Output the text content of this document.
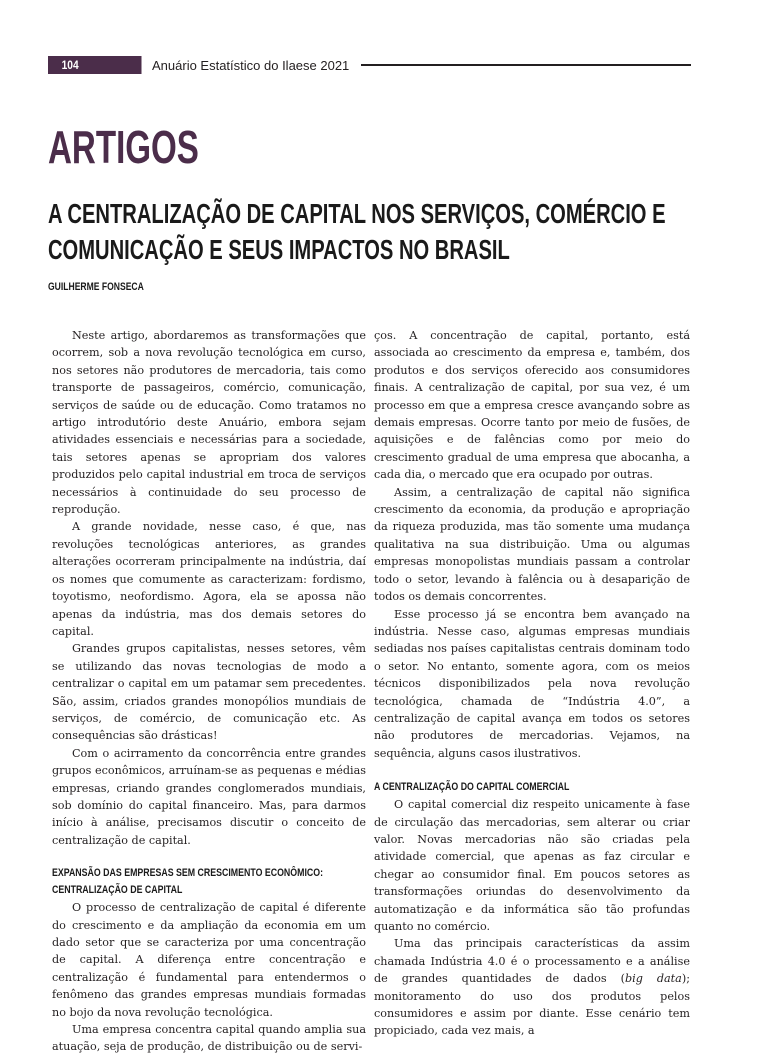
104	Anuário Estatístico do Ilaese 2021
ARTIGOS
A CENTRALIZAÇÃO DE CAPITAL NOS SERVIÇOS, COMÉRCIO E COMUNICAÇÃO E SEUS IMPACTOS NO BRASIL
GUILHERME FONSECA

Neste artigo, abordaremos as transformações que ocorrem, sob a nova revolução tecnológica em curso, nos setores não produtores de mercadoria, tais como transporte de passageiros, comércio, comunicação, serviços de saúde ou de educação. Como tratamos no artigo introdutório deste Anuário, embora sejam atividades essenciais e necessárias para a sociedade, tais setores apenas se apropriam dos valores produzidos pelo capital industrial em troca de serviços necessários à continuidade do seu processo de reprodução.

A grande novidade, nesse caso, é que, nas revoluções tecnológicas anteriores, as grandes alterações ocorreram principalmente na indústria, daí os nomes que comumente as caracterizam: fordismo, toyotismo, neofordismo. Agora, ela se apossa não apenas da indústria, mas dos demais setores do capital.

Grandes grupos capitalistas, nesses setores, vêm se utilizando das novas tecnologias de modo a centralizar o capital em um patamar sem precedentes. São, assim, criados grandes monopólios mundiais de serviços, de comércio, de comunicação etc. As consequências são drásticas!

Com o acirramento da concorrência entre grandes grupos econômicos, arruínam-se as pequenas e médias empresas, criando grandes conglomerados mundiais, sob domínio do capital financeiro. Mas, para darmos início à análise, precisamos discutir o conceito de centralização de capital.

EXPANSÃO DAS EMPRESAS SEM CRESCIMENTO ECONÔMICO:
CENTRALIZAÇÃO DE CAPITAL

O processo de centralização de capital é diferente do crescimento e da ampliação da economia em um dado setor que se caracteriza por uma concentração de capital. A diferença entre concentração e centralização é fundamental para entendermos o fenômeno das grandes empresas mundiais formadas no bojo da nova revolução tecnológica.

Uma empresa concentra capital quando amplia sua atuação, seja de produção, de distribuição ou de servi-

ços. A concentração de capital, portanto, está associada ao crescimento da empresa e, também, dos produtos e dos serviços oferecido aos consumidores finais. A centralização de capital, por sua vez, é um processo em que a empresa cresce avançando sobre as demais empresas. Ocorre tanto por meio de fusões, de aquisições e de falências como por meio do crescimento gradual de uma empresa que abocanha, a cada dia, o mercado que era ocupado por outras.

Assim, a centralização de capital não significa crescimento da economia, da produção e apropriação da riqueza produzida, mas tão somente uma mudança qualitativa na sua distribuição. Uma ou algumas empresas monopolistas mundiais passam a controlar todo o setor, levando à falência ou à desaparição de todos os demais concorrentes.

Esse processo já se encontra bem avançado na indústria. Nesse caso, algumas empresas mundiais sediadas nos países capitalistas centrais dominam todo o setor. No entanto, somente agora, com os meios técnicos disponibilizados pela nova revolução tecnológica, chamada de “Indústria 4.0”, a centralização de capital avança em todos os setores não produtores de mercadorias. Vejamos, na sequência, alguns casos ilustrativos.

A CENTRALIZAÇÃO DO CAPITAL COMERCIAL

O capital comercial diz respeito unicamente à fase de circulação das mercadorias, sem alterar ou criar valor. Novas mercadorias não são criadas pela atividade comercial, que apenas as faz circular e chegar ao consumidor final. Em poucos setores as transformações oriundas do desenvolvimento da automatização e da informática são tão profundas quanto no comércio.

Uma das principais características da assim chamada Indústria 4.0 é o processamento e a análise de grandes quantidades de dados (big data); monitoramento do uso dos produtos pelos consumidores e assim por diante. Esse cenário tem propiciado, cada vez mais, a
